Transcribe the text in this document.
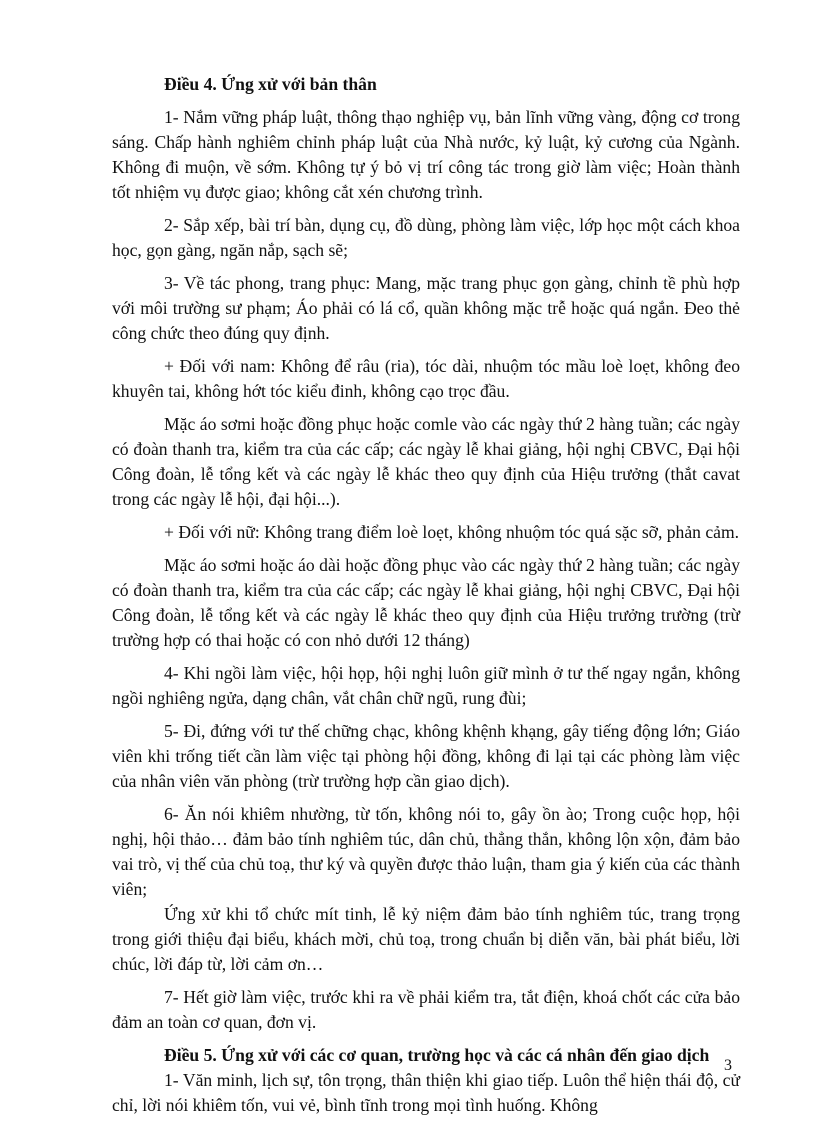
Điều 4. Ứng xử với bản thân

1- Nắm vững pháp luật, thông thạo nghiệp vụ, bản lĩnh vững vàng, động cơ trong sáng. Chấp hành nghiêm chỉnh pháp luật của Nhà nước, kỷ luật, kỷ cương của Ngành. Không đi muộn, về sớm. Không tự ý bỏ vị trí công tác trong giờ làm việc; Hoàn thành tốt nhiệm vụ được giao; không cắt xén chương trình.

2- Sắp xếp, bài trí bàn, dụng cụ, đồ dùng, phòng làm việc, lớp học một cách khoa học, gọn gàng, ngăn nắp, sạch sẽ;

3- Về tác phong, trang phục: Mang, mặc trang phục gọn gàng, chỉnh tề phù hợp với môi trường sư phạm; Áo phải có lá cổ, quần không mặc trễ hoặc quá ngắn. Đeo thẻ công chức theo đúng quy định.

+ Đối với nam: Không để râu (ria), tóc dài, nhuộm tóc mầu loè loẹt, không đeo khuyên tai, không hớt tóc kiểu đinh, không cạo trọc đầu.

Mặc áo sơmi hoặc đồng phục hoặc comle vào các ngày thứ 2 hàng tuần; các ngày có đoàn thanh tra, kiểm tra của các cấp; các ngày lễ khai giảng, hội nghị CBVC, Đại hội Công đoàn, lễ tổng kết và các ngày lễ khác theo quy định của Hiệu trưởng (thắt cavat trong các ngày lễ hội, đại hội...).

+ Đối với nữ: Không trang điểm loè loẹt, không nhuộm tóc quá sặc sỡ, phản cảm.

Mặc áo sơmi hoặc áo dài hoặc đồng phục vào các ngày thứ 2 hàng tuần; các ngày có đoàn thanh tra, kiểm tra của các cấp; các ngày lễ khai giảng, hội nghị CBVC, Đại hội Công đoàn, lễ tổng kết và các ngày lễ khác theo quy định của Hiệu trưởng trường (trừ trường hợp có thai hoặc có con nhỏ dưới 12 tháng)

4- Khi ngồi làm việc, hội họp, hội nghị luôn giữ mình ở tư thế ngay ngắn, không ngồi nghiêng ngửa, dạng chân, vắt chân chữ ngũ, rung đùi;

5- Đi, đứng với tư thế chững chạc, không khệnh khạng, gây tiếng động lớn; Giáo viên khi trống tiết cần làm việc tại phòng hội đồng, không đi lại tại các phòng làm việc của nhân viên văn phòng (trừ trường hợp cần giao dịch).

6- Ăn nói khiêm nhường, từ tốn, không nói to, gây ồn ào; Trong cuộc họp, hội nghị, hội thảo… đảm bảo tính nghiêm túc, dân chủ, thẳng thắn, không lộn xộn, đảm bảo vai trò, vị thế của chủ toạ, thư ký và quyền được thảo luận, tham gia ý kiến của các thành viên;

Ứng xử khi tổ chức mít tinh, lễ kỷ niệm đảm bảo tính nghiêm túc, trang trọng trong giới thiệu đại biểu, khách mời, chủ toạ, trong chuẩn bị diễn văn, bài phát biểu, lời chúc, lời đáp từ, lời cảm ơn…

7- Hết giờ làm việc, trước khi ra về phải kiểm tra, tắt điện, khoá chốt các cửa bảo đảm an toàn cơ quan, đơn vị.

Điều 5. Ứng xử với các cơ quan, trường học và các cá nhân đến giao dịch

1- Văn minh, lịch sự, tôn trọng, thân thiện khi giao tiếp. Luôn thể hiện thái độ, cử chỉ, lời nói khiêm tốn, vui vẻ, bình tĩnh trong mọi tình huống. Không

3
